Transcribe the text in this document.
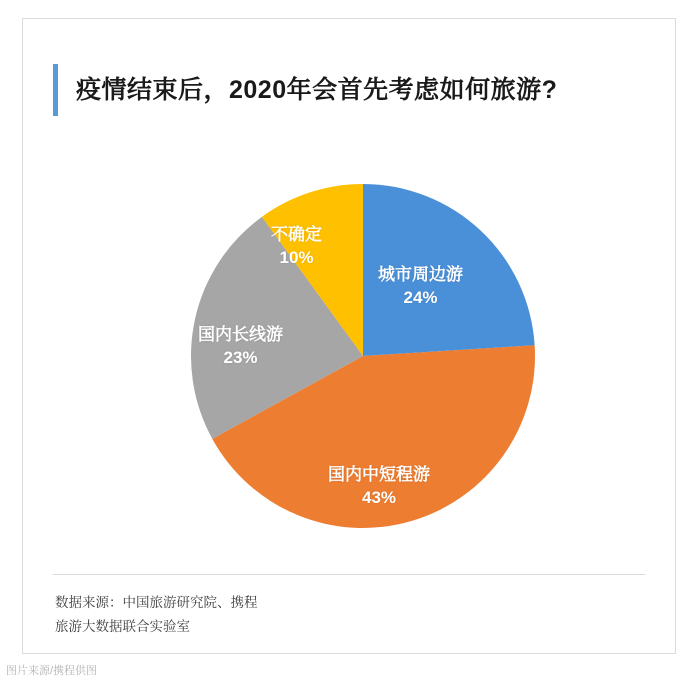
疫情结束后，2020年会首先考虑如何旅游?
城市周边游
24%
国内中短程游
43%
国内长线游
23%
不确定
10%
数据来源：中国旅游研究院、携程
旅游大数据联合实验室
图片来源/携程供图
